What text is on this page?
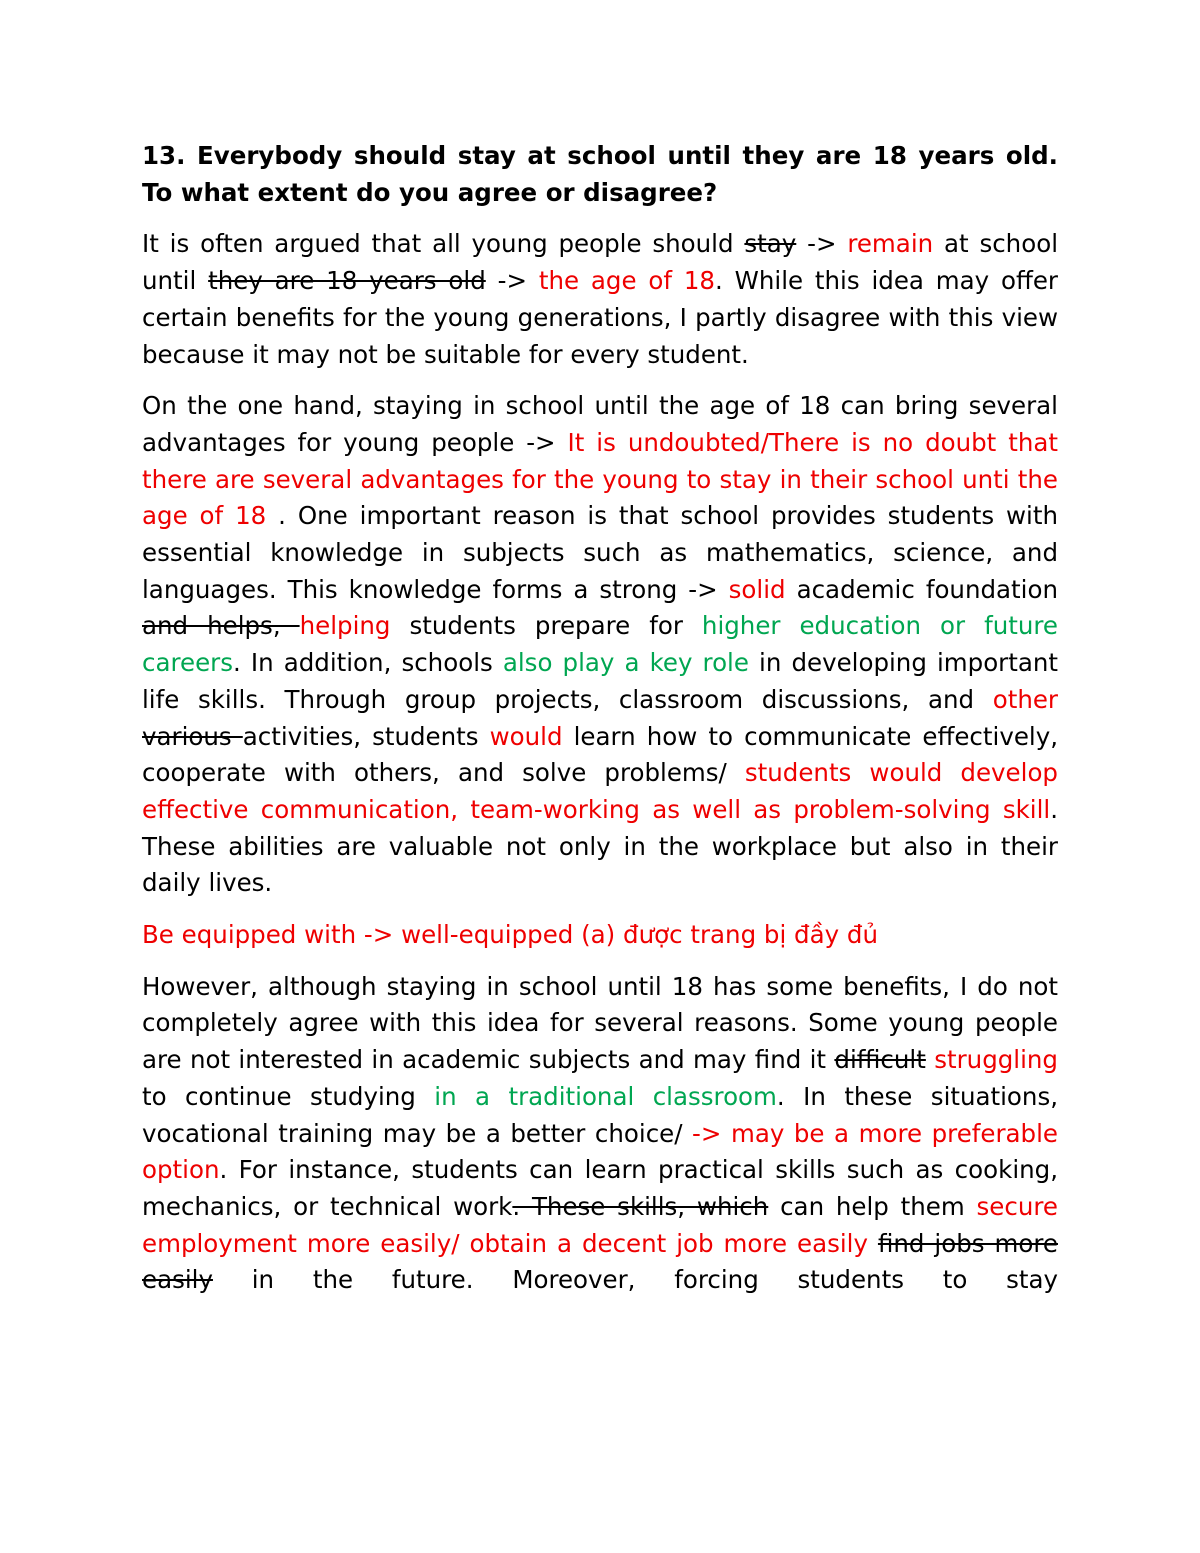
13. Everybody should stay at school until they are 18 years old. To what extent do you agree or disagree?

It is often argued that all young people should stay -> remain at school until they are 18 years old -> the age of 18. While this idea may offer certain benefits for the young generations, I partly disagree with this view because it may not be suitable for every student.

On the one hand, staying in school until the age of 18 can bring several advantages for young people -> It is undoubted/There is no doubt that there are several advantages for the young to stay in their school unti the age of 18 . One important reason is that school provides students with essential knowledge in subjects such as mathematics, science, and languages. This knowledge forms a strong -> solid academic foundation and helps, helping students prepare for higher education or future careers. In addition, schools also play a key role in developing important life skills. Through group projects, classroom discussions, and other various activities, students would learn how to communicate effectively, cooperate with others, and solve problems/ students would develop effective communication, team-working as well as problem-solving skill. These abilities are valuable not only in the workplace but also in their daily lives.

Be equipped with -> well-equipped (a) được trang bị đầy đủ

However, although staying in school until 18 has some benefits, I do not completely agree with this idea for several reasons. Some young people are not interested in academic subjects and may find it difficult struggling to continue studying in a traditional classroom. In these situations, vocational training may be a better choice/ -> may be a more preferable option. For instance, students can learn practical skills such as cooking, mechanics, or technical work. These skills, which can help them secure employment more easily/ obtain a decent job more easily find jobs more easily in the future. Moreover, forcing students to stay
